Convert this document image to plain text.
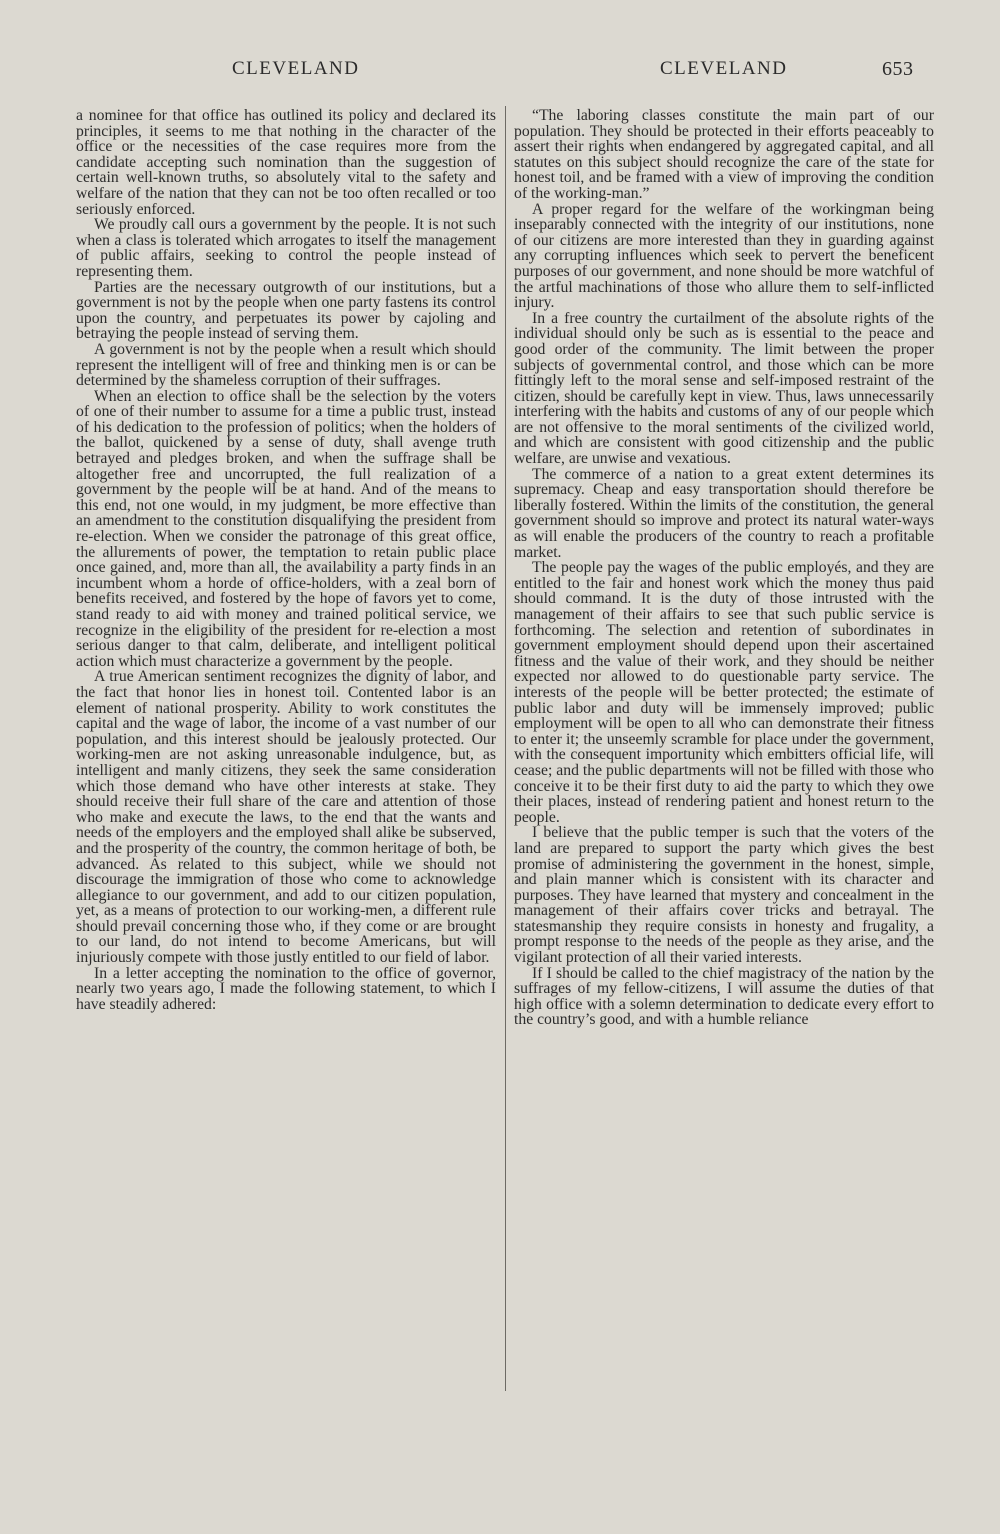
CLEVELAND	CLEVELAND	653

a nominee for that office has outlined its policy and declared its principles, it seems to me that nothing in the character of the office or the necessities of the case requires more from the candidate accepting such nomination than the suggestion of certain well-known truths, so absolutely vital to the safety and welfare of the nation that they can not be too often recalled or too seriously enforced.

We proudly call ours a government by the people. It is not such when a class is tolerated which arrogates to itself the management of public affairs, seeking to control the people instead of representing them.

Parties are the necessary outgrowth of our institutions, but a government is not by the people when one party fastens its control upon the country, and perpetuates its power by cajoling and betraying the people instead of serving them.

A government is not by the people when a result which should represent the intelligent will of free and thinking men is or can be determined by the shameless corruption of their suffrages.

When an election to office shall be the selection by the voters of one of their number to assume for a time a public trust, instead of his dedication to the profession of politics; when the holders of the ballot, quickened by a sense of duty, shall avenge truth betrayed and pledges broken, and when the suffrage shall be altogether free and uncorrupted, the full realization of a government by the people will be at hand. And of the means to this end, not one would, in my judgment, be more effective than an amendment to the constitution disqualifying the president from re-election. When we consider the patronage of this great office, the allurements of power, the temptation to retain public place once gained, and, more than all, the availability a party finds in an incumbent whom a horde of office-holders, with a zeal born of benefits received, and fostered by the hope of favors yet to come, stand ready to aid with money and trained political service, we recognize in the eligibility of the president for re-election a most serious danger to that calm, deliberate, and intelligent political action which must characterize a government by the people.

A true American sentiment recognizes the dignity of labor, and the fact that honor lies in honest toil. Contented labor is an element of national prosperity. Ability to work constitutes the capital and the wage of labor, the income of a vast number of our population, and this interest should be jealously protected. Our working-men are not asking unreasonable indulgence, but, as intelligent and manly citizens, they seek the same consideration which those demand who have other interests at stake. They should receive their full share of the care and attention of those who make and execute the laws, to the end that the wants and needs of the employers and the employed shall alike be subserved, and the prosperity of the country, the common heritage of both, be advanced. As related to this subject, while we should not discourage the immigration of those who come to acknowledge allegiance to our government, and add to our citizen population, yet, as a means of protection to our working-men, a different rule should prevail concerning those who, if they come or are brought to our land, do not intend to become Americans, but will injuriously compete with those justly entitled to our field of labor.

In a letter accepting the nomination to the office of governor, nearly two years ago, I made the following statement, to which I have steadily adhered:

“The laboring classes constitute the main part of our population. They should be protected in their efforts peaceably to assert their rights when endangered by aggregated capital, and all statutes on this subject should recognize the care of the state for honest toil, and be framed with a view of improving the condition of the working-man.”

A proper regard for the welfare of the workingman being inseparably connected with the integrity of our institutions, none of our citizens are more interested than they in guarding against any corrupting influences which seek to pervert the beneficent purposes of our government, and none should be more watchful of the artful machinations of those who allure them to self-inflicted injury.

In a free country the curtailment of the absolute rights of the individual should only be such as is essential to the peace and good order of the community. The limit between the proper subjects of governmental control, and those which can be more fittingly left to the moral sense and self-imposed restraint of the citizen, should be carefully kept in view. Thus, laws unnecessarily interfering with the habits and customs of any of our people which are not offensive to the moral sentiments of the civilized world, and which are consistent with good citizenship and the public welfare, are unwise and vexatious.

The commerce of a nation to a great extent determines its supremacy. Cheap and easy transportation should therefore be liberally fostered. Within the limits of the constitution, the general government should so improve and protect its natural water-ways as will enable the producers of the country to reach a profitable market.

The people pay the wages of the public employés, and they are entitled to the fair and honest work which the money thus paid should command. It is the duty of those intrusted with the management of their affairs to see that such public service is forthcoming. The selection and retention of subordinates in government employment should depend upon their ascertained fitness and the value of their work, and they should be neither expected nor allowed to do questionable party service. The interests of the people will be better protected; the estimate of public labor and duty will be immensely improved; public employment will be open to all who can demonstrate their fitness to enter it; the unseemly scramble for place under the government, with the consequent importunity which embitters official life, will cease; and the public departments will not be filled with those who conceive it to be their first duty to aid the party to which they owe their places, instead of rendering patient and honest return to the people.

I believe that the public temper is such that the voters of the land are prepared to support the party which gives the best promise of administering the government in the honest, simple, and plain manner which is consistent with its character and purposes. They have learned that mystery and concealment in the management of their affairs cover tricks and betrayal. The statesmanship they require consists in honesty and frugality, a prompt response to the needs of the people as they arise, and the vigilant protection of all their varied interests.

If I should be called to the chief magistracy of the nation by the suffrages of my fellow-citizens, I will assume the duties of that high office with a solemn determination to dedicate every effort to the country’s good, and with a humble reliance
